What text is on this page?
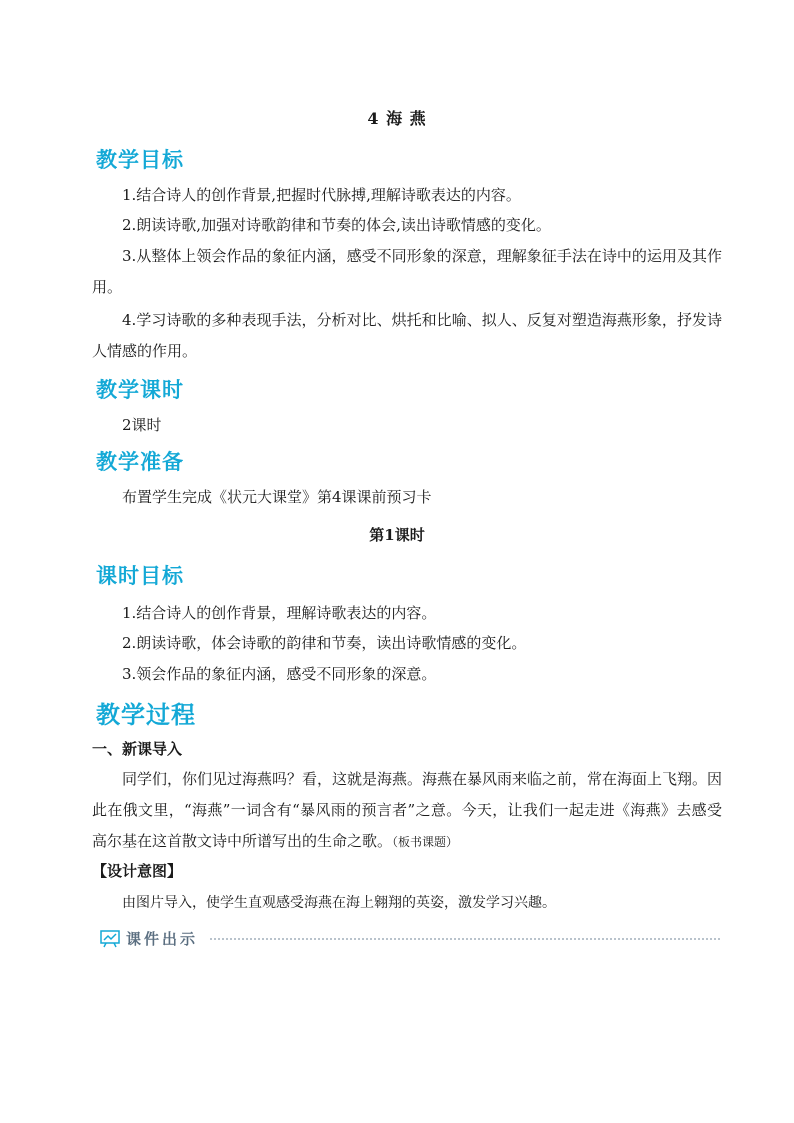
4 海 燕
教学目标
1.结合诗人的创作背景,把握时代脉搏,理解诗歌表达的内容。
2.朗读诗歌,加强对诗歌韵律和节奏的体会,读出诗歌情感的变化。
3.从整体上领会作品的象征内涵，感受不同形象的深意，理解象征手法在诗中的运用及其作用。
4.学习诗歌的多种表现手法，分析对比、烘托和比喻、拟人、反复对塑造海燕形象，抒发诗人情感的作用。
教学课时
2课时
教学准备
布置学生完成《状元大课堂》第4课课前预习卡
第1课时
课时目标
1.结合诗人的创作背景，理解诗歌表达的内容。
2.朗读诗歌，体会诗歌的韵律和节奏，读出诗歌情感的变化。
3.领会作品的象征内涵，感受不同形象的深意。
教学过程
一、新课导入
同学们，你们见过海燕吗？看，这就是海燕。海燕在暴风雨来临之前，常在海面上飞翔。因此在俄文里，“海燕”一词含有“暴风雨的预言者”之意。今天，让我们一起走进《海燕》去感受高尔基在这首散文诗中所谱写出的生命之歌。（板书课题）
【设计意图】
由图片导入，使学生直观感受海燕在海上翱翔的英姿，激发学习兴趣。
课件出示
